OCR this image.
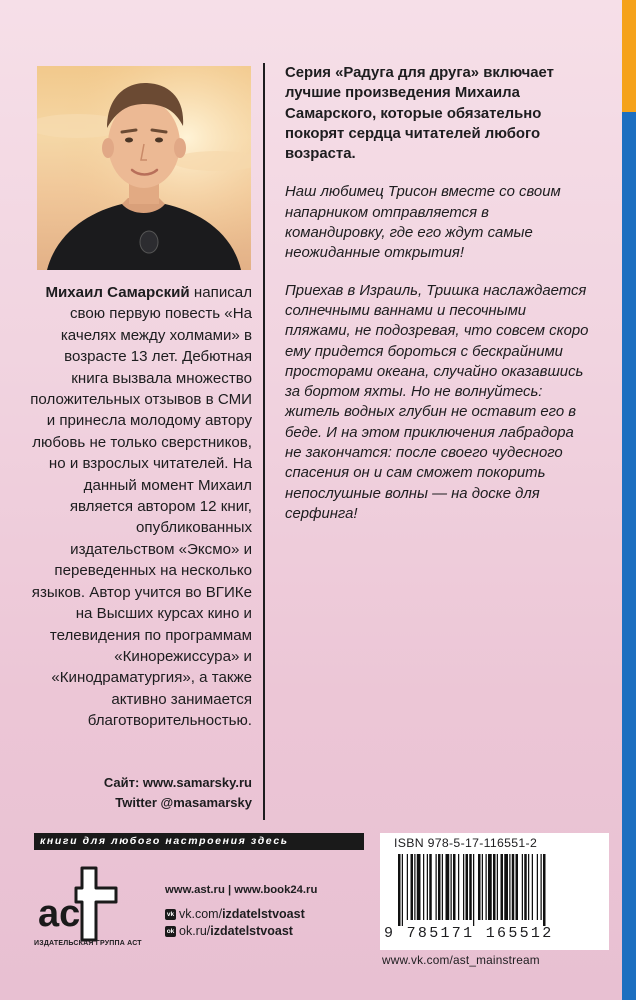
Михаил Самарский написал свою первую повесть «На качелях между холмами» в возрасте 13 лет. Дебютная книга вызвала множество положительных отзывов в СМИ и принесла молодому автору любовь не только сверстников, но и взрослых читателей. На данный момент Михаил является автором 12 книг, опубликованных издательством «Эксмо» и переведенных на несколько языков. Автор учится во ВГИКе на Высших курсах кино и телевидения по программам «Кинорежиссура» и «Кинодраматургия», а также активно занимается благотворительностью.
Сайт: www.samarsky.ru
Twitter @masamarsky

Серия «Радуга для друга» включает лучшие произведения Михаила Самарского, которые обязательно покорят сердца читателей любого возраста.

Наш любимец Трисон вместе со своим напарником отправляется в командировку, где его ждут самые неожиданные открытия!

Приехав в Израиль, Тришка наслаждается солнечными ваннами и песочными пляжами, не подозревая, что совсем скоро ему придется бороться с бескрайними просторами океана, случайно оказавшись за бортом яхты. Но не волнуйтесь: житель водных глубин не оставит его в беде. И на этом приключения лабрадора не закончатся: после своего чудесного спасения он и сам сможет покорить непослушные волны — на доске для серфинга!

книги для любого настроения здесь
ac
ИЗДАТЕЛЬСКАЯ ГРУППА АСТ
www.ast.ru | www.book24.ru
vk vk.com/ izdatelstvoast
ok ok.ru/ izdatelstvoast
ISBN 978-5-17-116551-2
9 785171 165512
www.vk.com/ast_mainstream
